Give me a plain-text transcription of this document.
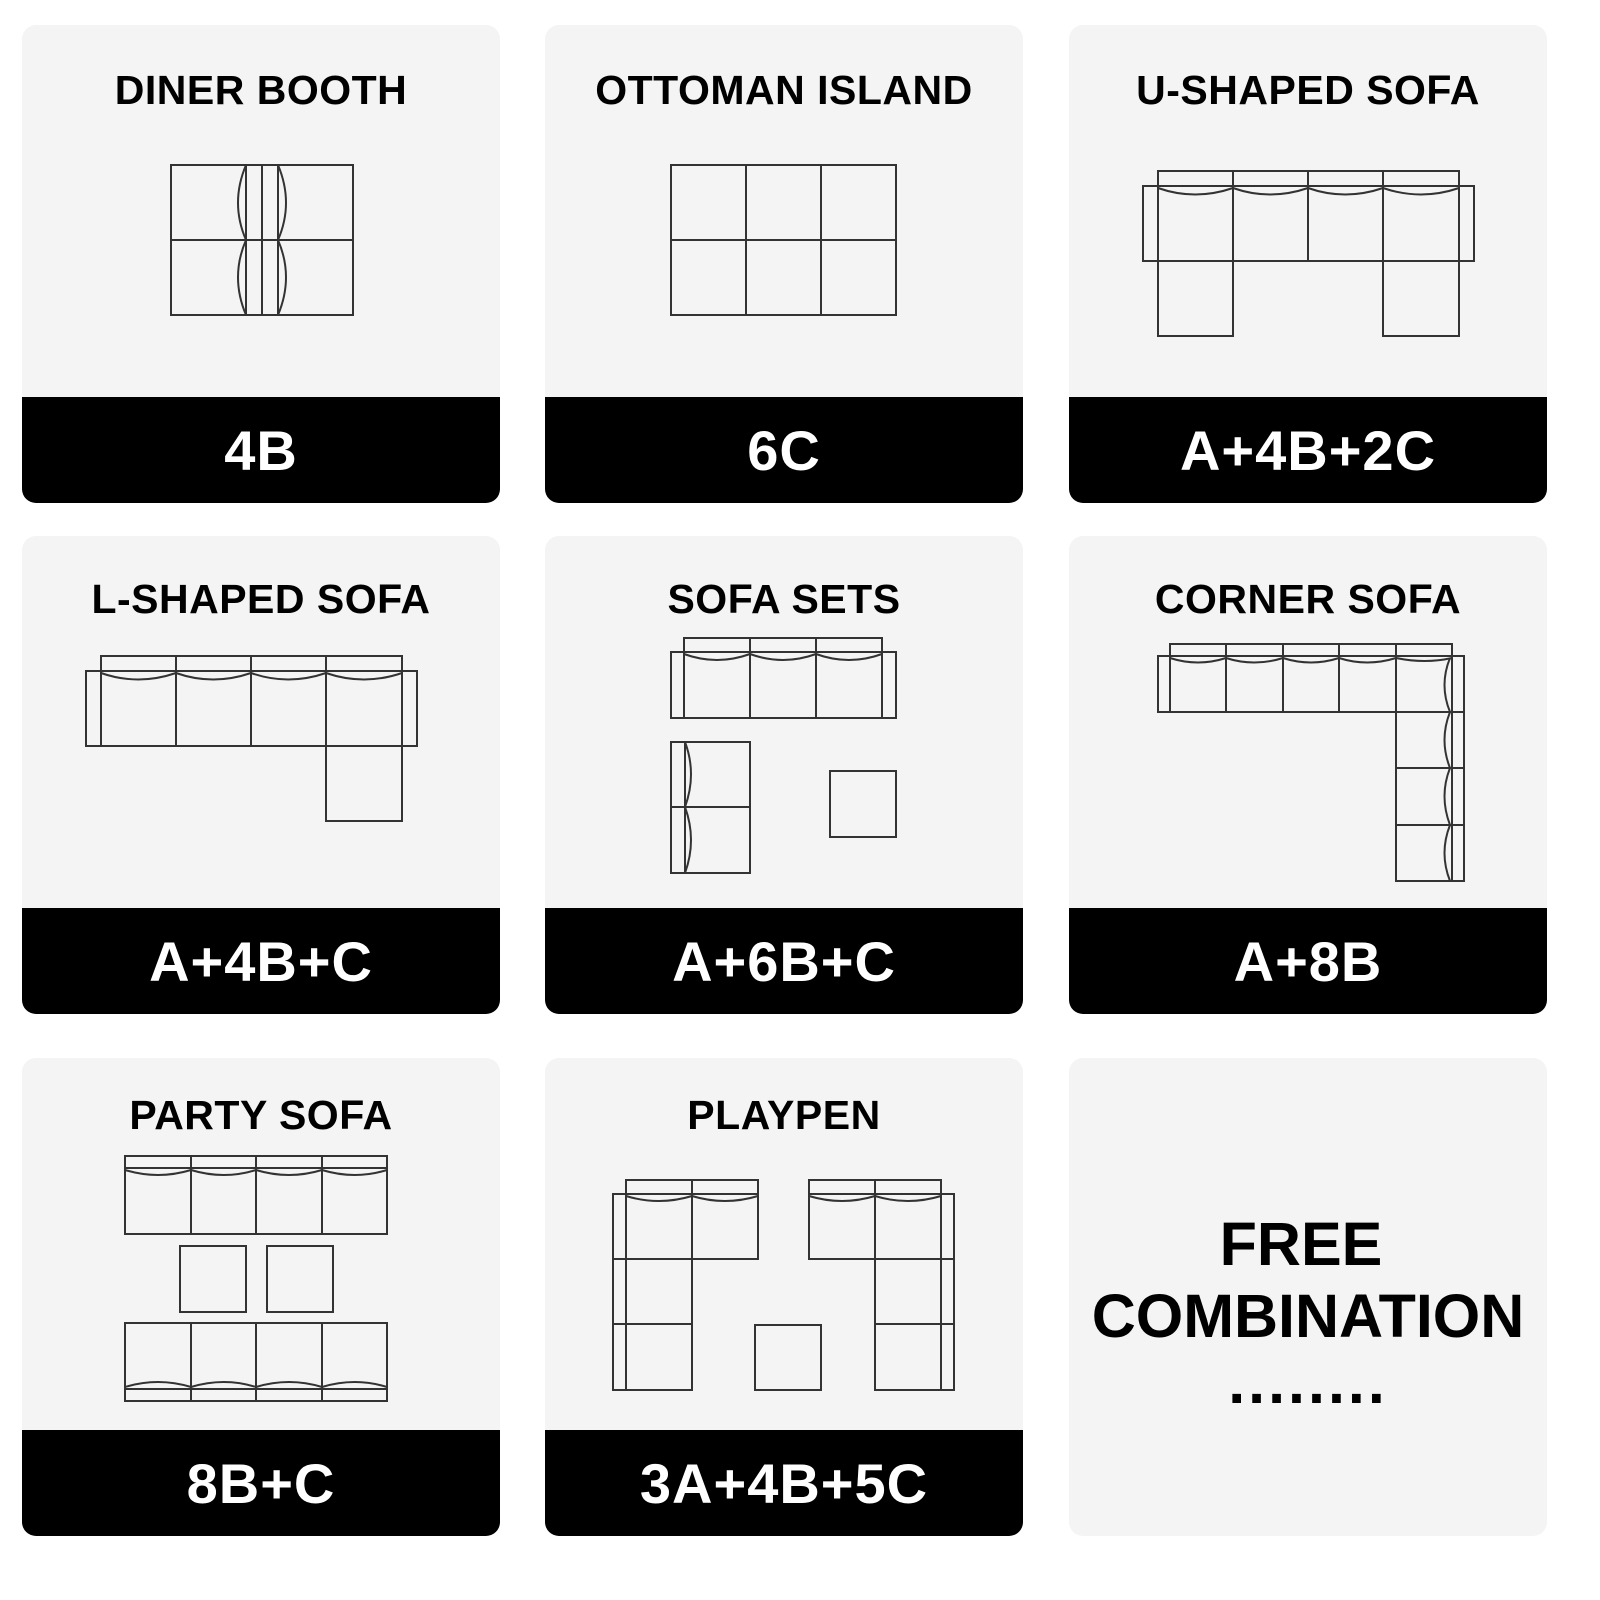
DINER BOOTH
4B
OTTOMAN ISLAND
6C
U-SHAPED SOFA
A+4B+2C
L-SHAPED SOFA
A+4B+C
SOFA SETS
A+6B+C
CORNER SOFA
A+8B
PARTY SOFA
8B+C
PLAYPEN
3A+4B+5C
FREE
COMBINATION
........
